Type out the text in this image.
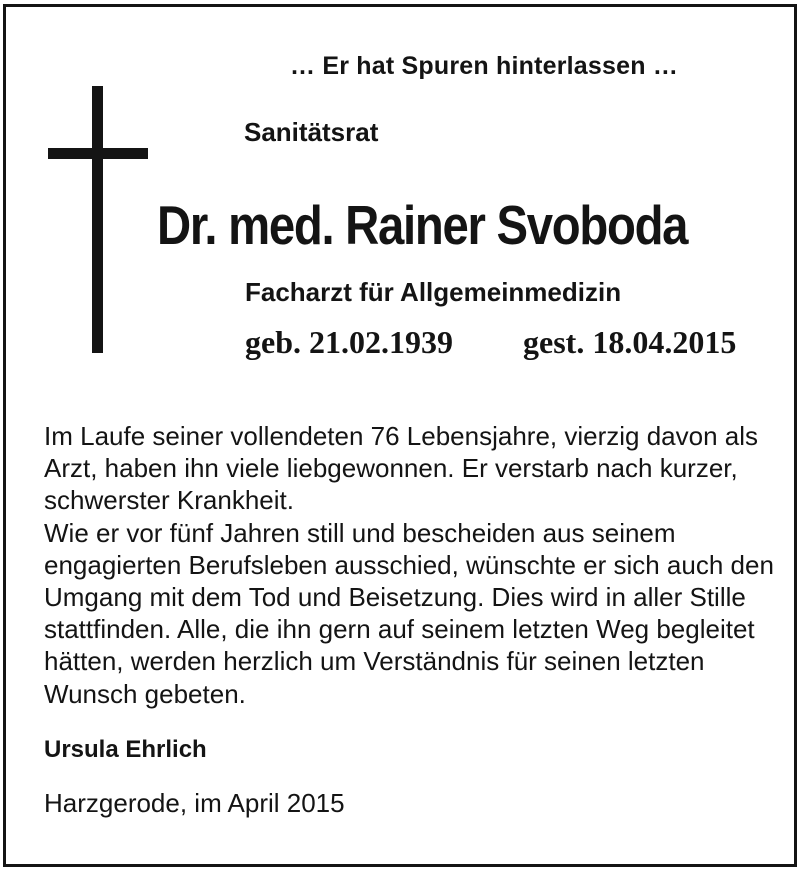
… Er hat Spuren hinterlassen …
Sanitätsrat
Dr. med. Rainer Svoboda
Facharzt für Allgemeinmedizin
geb. 21.02.1939 gest. 18.04.2015

Im Laufe seiner vollendeten 76 Lebensjahre, vierzig davon als Arzt, haben ihn viele liebgewonnen. Er verstarb nach kurzer, schwerster Krankheit.

Wie er vor fünf Jahren still und bescheiden aus seinem engagierten Berufsleben ausschied, wünschte er sich auch den Umgang mit dem Tod und Beisetzung. Dies wird in aller Stille stattfinden. Alle, die ihn gern auf seinem letzten Weg begleitet hätten, werden herzlich um Verständnis für seinen letzten Wunsch gebeten.

Ursula Ehrlich
Harzgerode, im April 2015
